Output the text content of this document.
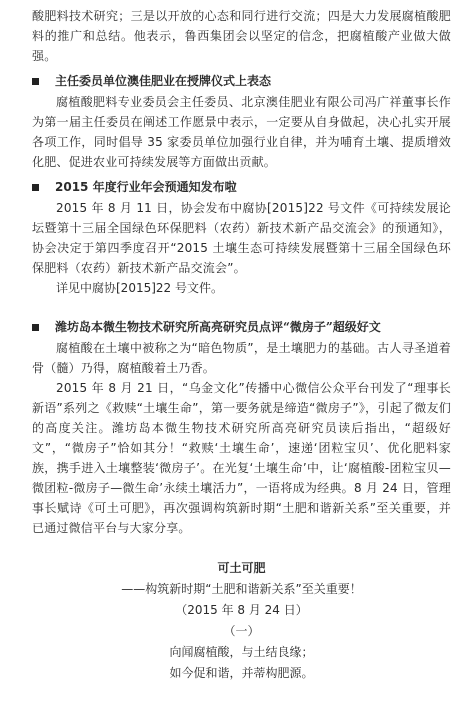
酸肥料技术研究；三是以开放的心态和同行进行交流；四是大力发展腐植酸肥料的推广和总结。他表示，鲁西集团会以坚定的信念，把腐植酸产业做大做强。

主任委员单位澳佳肥业在授牌仪式上表态

腐植酸肥料专业委员会主任委员、北京澳佳肥业有限公司冯广祥董事长作为第一届主任委员在阐述工作愿景中表示，一定要从自身做起，决心扎实开展各项工作，同时倡导 35 家委员单位加强行业自律，并为哺育土壤、提质增效化肥、促进农业可持续发展等方面做出贡献。

2015 年度行业年会预通知发布啦

2015 年 8 月 11 日，协会发布中腐协[2015]22 号文件《可持续发展论坛暨第十三届全国绿色环保肥料（农药）新技术新产品交流会》的预通知》，协会决定于第四季度召开“2015 土壤生态可持续发展暨第十三届全国绿色环保肥料（农药）新技术新产品交流会”。

详见中腐协[2015]22 号文件。

潍坊岛本微生物技术研究所高亮研究员点评“微房子”超级好文

腐植酸在土壤中被称之为“暗色物质”，是土壤肥力的基础。古人寻圣道着骨（髓）乃得，腐植酸着土乃香。

2015 年 8 月 21 日，“乌金文化”传播中心微信公众平台刊发了“理事长新语”系列之《救赎“土壤生命”，第一要务就是缔造“微房子”》，引起了微友们的高度关注。潍坊岛本微生物技术研究所高亮研究员读后指出，“超级好文”，“微房子”恰如其分！“救赎‘土壤生命’，速递‘团粒宝贝’、优化肥料家族，携手进入土壤整装‘微房子’。在光复‘土壤生命’中，让‘腐植酸-团粒宝贝—微团粒-微房子—微生命’永续土壤活力”，一语将成为经典。8 月 24 日，管理事长赋诗《可土可肥》，再次强调构筑新时期“土肥和谐新关系”至关重要，并已通过微信平台与大家分享。

可土可肥
——构筑新时期“土肥和谐新关系”至关重要！
（2015 年 8 月 24 日）
（一）
向闻腐植酸，与土结良缘；
如今促和谐，并蒂构肥源。
